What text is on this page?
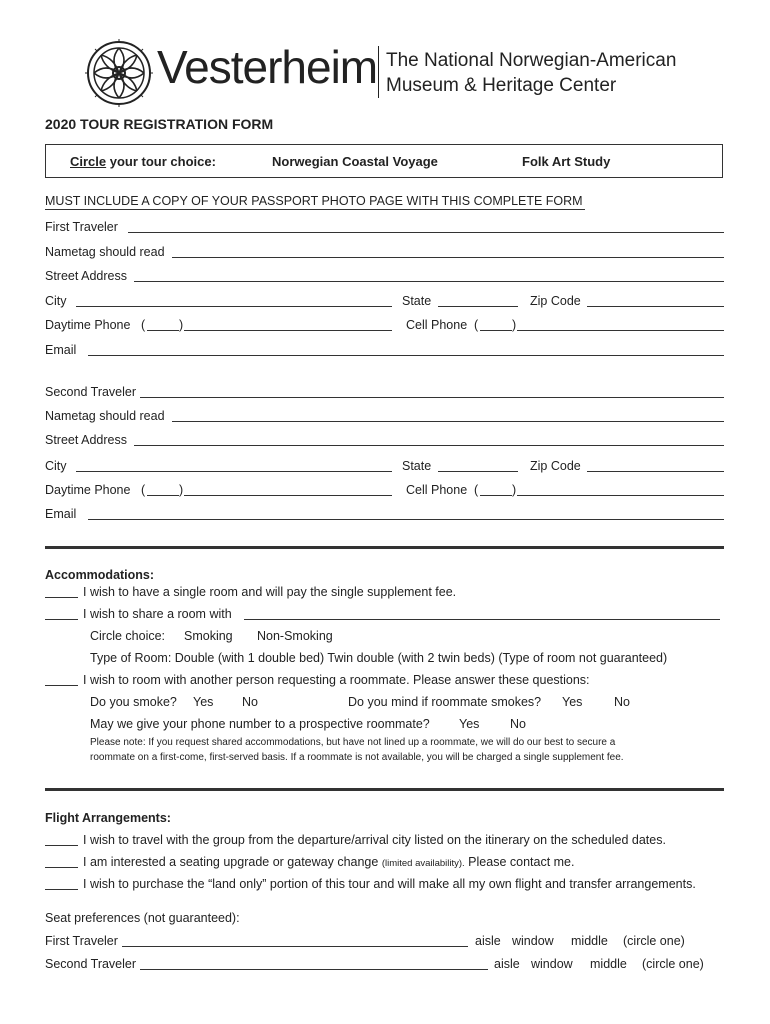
Vesterheim The National Norwegian-American
Museum & Heritage Center
2020 TOUR REGISTRATION FORM
Circle your tour choice:	Norwegian Coastal Voyage	Folk Art Study
MUST INCLUDE A COPY OF YOUR PASSPORT PHOTO PAGE WITH THIS COMPLETE FORM
First Traveler
Nametag should read
Street Address
City	State	Zip Code
Daytime Phone (	)	Cell Phone (	)
Email
Second Traveler
Nametag should read
Street Address
City	State	Zip Code
Daytime Phone (	)	Cell Phone (	)
Email
Accommodations:
I wish to have a single room and will pay the single supplement fee.
I wish to share a room with
Circle choice: Smoking Non-Smoking
Type of Room: Double (with 1 double bed) Twin double (with 2 twin beds) (Type of room not guaranteed)
I wish to room with another person requesting a roommate. Please answer these questions:
Do you smoke? Yes No	Do you mind if roommate smokes? Yes	No
May we give your phone number to a prospective roommate? Yes No
Please note: If you request shared accommodations, but have not lined up a roommate, we will do our best to secure a
roommate on a first-come, first-served basis. If a roommate is not available, you will be charged a single supplement fee.
Flight Arrangements:
I wish to travel with the group from the departure/arrival city listed on the itinerary on the scheduled dates.
I am interested a seating upgrade or gateway change (limited availability). Please contact me.
I wish to purchase the “land only” portion of this tour and will make all my own flight and transfer arrangements.
Seat preferences (not guaranteed):
First Traveler	aisle window middle (circle one)
Second Traveler	aisle window middle (circle one)
